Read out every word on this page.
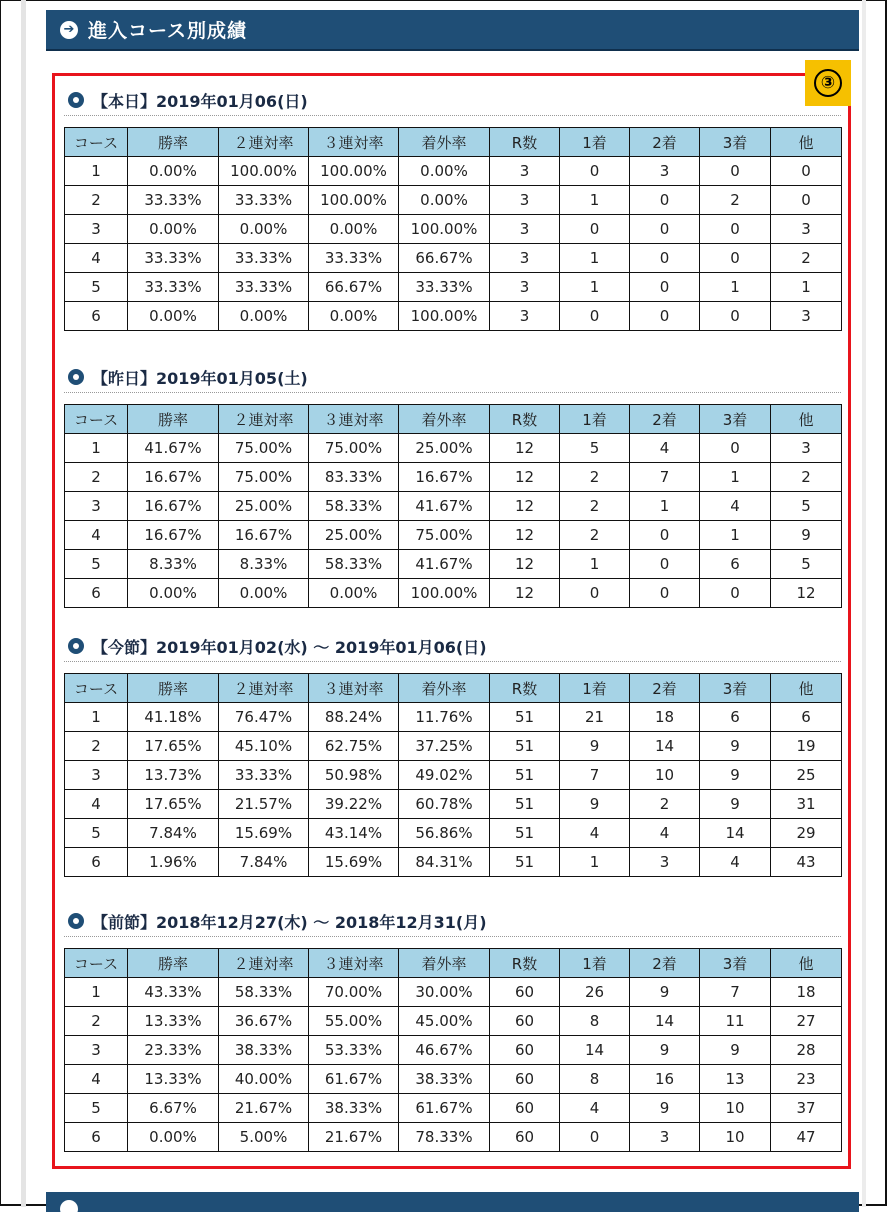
➔ 進入コース別成績
③
【本日】2019年01月06(日)
コース	勝率	２連対率	３連対率	着外率	R数	1着	2着	3着	他
1	0.00%	100.00%	100.00%	0.00%	3	0	3	0	0
2	33.33%	33.33%	100.00%	0.00%	3	1	0	2	0
3	0.00%	0.00%	0.00%	100.00%	3	0	0	0	3
4	33.33%	33.33%	33.33%	66.67%	3	1	0	0	2
5	33.33%	33.33%	66.67%	33.33%	3	1	0	1	1
6	0.00%	0.00%	0.00%	100.00%	3	0	0	0	3
【昨日】2019年01月05(土)
コース	勝率	２連対率	３連対率	着外率	R数	1着	2着	3着	他
1	41.67%	75.00%	75.00%	25.00%	12	5	4	0	3
2	16.67%	75.00%	83.33%	16.67%	12	2	7	1	2
3	16.67%	25.00%	58.33%	41.67%	12	2	1	4	5
4	16.67%	16.67%	25.00%	75.00%	12	2	0	1	9
5	8.33%	8.33%	58.33%	41.67%	12	1	0	6	5
6	0.00%	0.00%	0.00%	100.00%	12	0	0	0	12
【今節】2019年01月02(水) ～ 2019年01月06(日)
コース	勝率	２連対率	３連対率	着外率	R数	1着	2着	3着	他
1	41.18%	76.47%	88.24%	11.76%	51	21	18	6	6
2	17.65%	45.10%	62.75%	37.25%	51	9	14	9	19
3	13.73%	33.33%	50.98%	49.02%	51	7	10	9	25
4	17.65%	21.57%	39.22%	60.78%	51	9	2	9	31
5	7.84%	15.69%	43.14%	56.86%	51	4	4	14	29
6	1.96%	7.84%	15.69%	84.31%	51	1	3	4	43
【前節】2018年12月27(木) ～ 2018年12月31(月)
コース	勝率	２連対率	３連対率	着外率	R数	1着	2着	3着	他
1	43.33%	58.33%	70.00%	30.00%	60	26	9	7	18
2	13.33%	36.67%	55.00%	45.00%	60	8	14	11	27
3	23.33%	38.33%	53.33%	46.67%	60	14	9	9	28
4	13.33%	40.00%	61.67%	38.33%	60	8	16	13	23
5	6.67%	21.67%	38.33%	61.67%	60	4	9	10	37
6	0.00%	5.00%	21.67%	78.33%	60	0	3	10	47
